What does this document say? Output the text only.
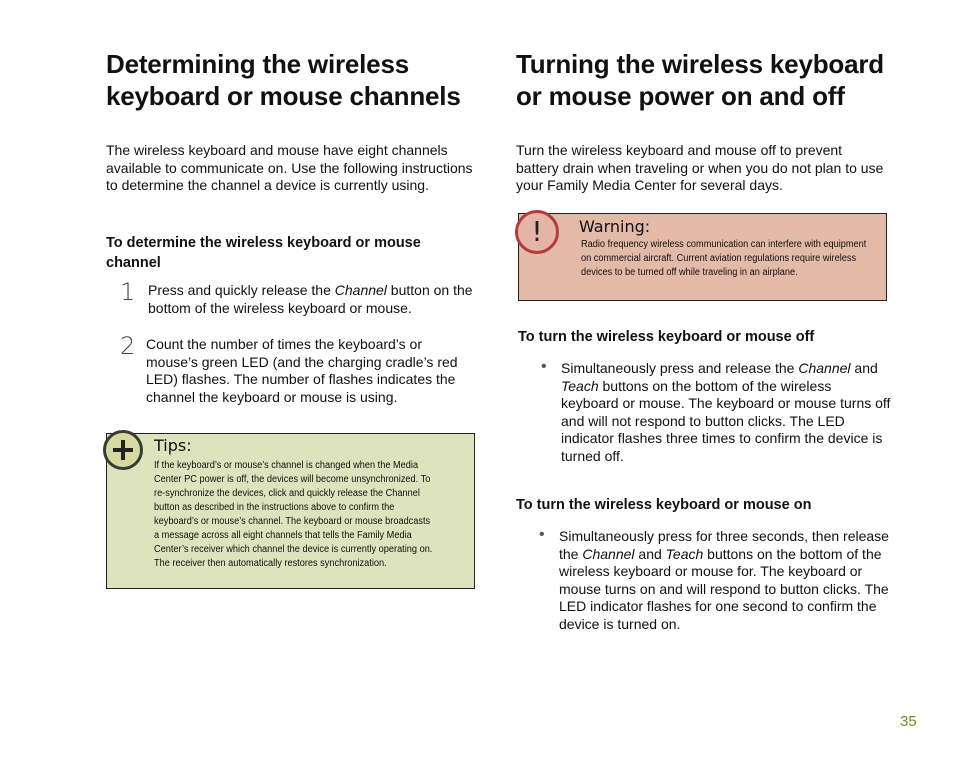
Determining the wireless keyboard or mouse channels

The wireless keyboard and mouse have eight channels available to communicate on. Use the following instructions to determine the channel a device is currently using.

To determine the wireless keyboard or mouse channel
1 Press and quickly release the Channel button on the bottom of the wireless keyboard or mouse.
2 Count the number of times the keyboard’s or mouse’s green LED (and the charging cradle’s red LED) flashes. The number of flashes indicates the channel the keyboard or mouse is using.
Tips:
If the keyboard’s or mouse’s channel is changed when the Media Center PC power is off, the devices will become unsynchronized. To re-synchronize the devices, click and quickly release the Channel button as described in the instructions above to confirm the keyboard’s or mouse’s channel. The keyboard or mouse broadcasts a message across all eight channels that tells the Family Media Center’s receiver which channel the device is currently operating on. The receiver then automatically restores synchronization.
Turning the wireless keyboard or mouse power on and off

Turn the wireless keyboard and mouse off to prevent battery drain when traveling or when you do not plan to use your Family Media Center for several days.

!	Warning:
Radio frequency wireless communication can interfere with equipment on commercial aircraft. Current aviation regulations require wireless devices to be turned off while traveling in an airplane.
To turn the wireless keyboard or mouse off
• Simultaneously press and release the Channel and Teach buttons on the bottom of the wireless keyboard or mouse. The keyboard or mouse turns off and will not respond to button clicks. The LED indicator flashes three times to confirm the device is turned off.
To turn the wireless keyboard or mouse on
• Simultaneously press for three seconds, then release the Channel and Teach buttons on the bottom of the wireless keyboard or mouse for. The keyboard or mouse turns on and will respond to button clicks. The LED indicator flashes for one second to confirm the device is turned on.
35
